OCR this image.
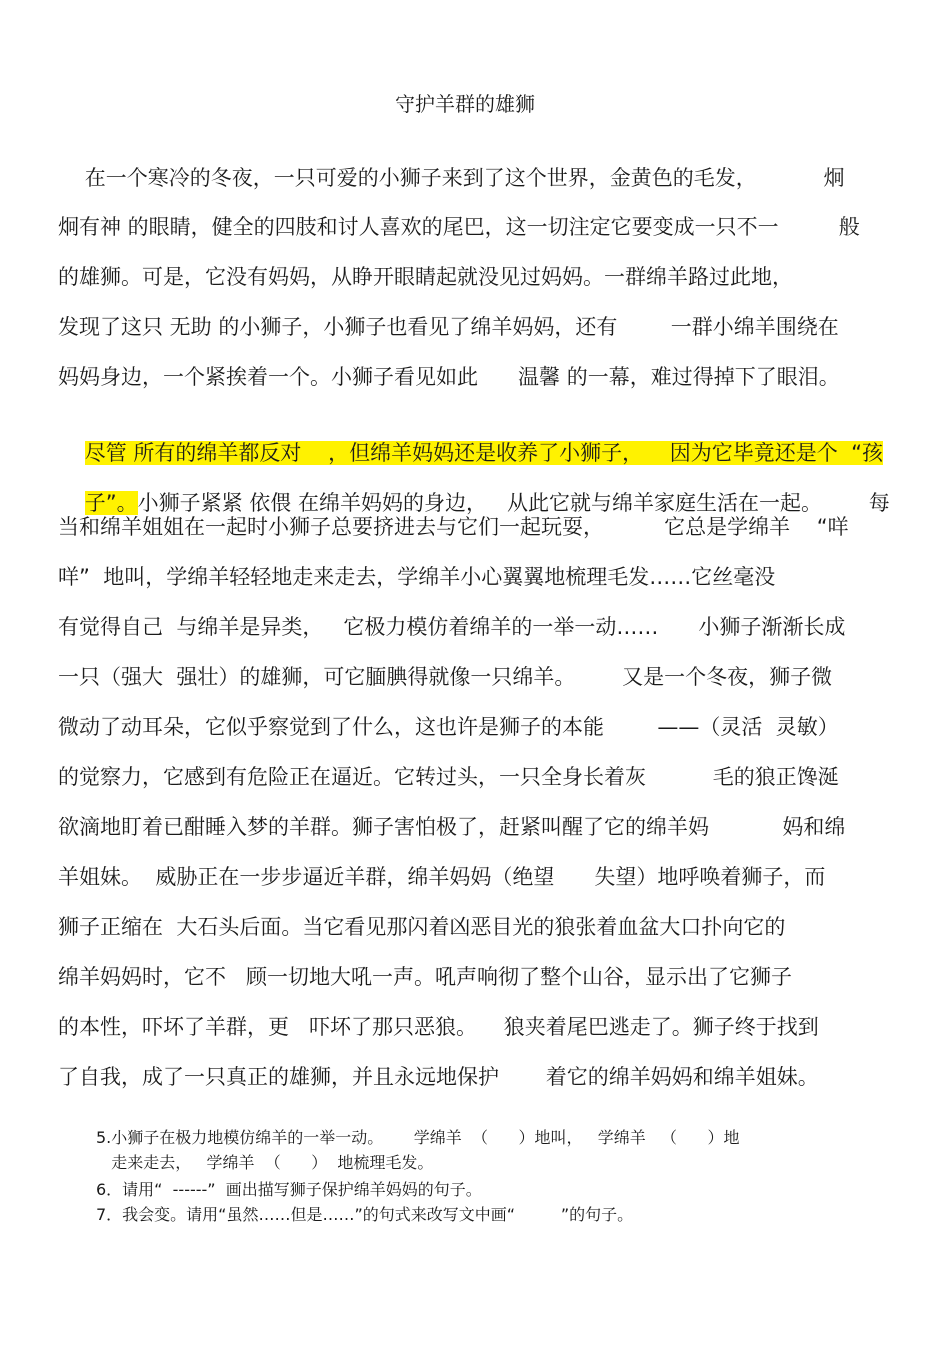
守护羊群的雄狮
在一个寒冷的冬夜，一只可爱的小狮子来到了这个世界，金黄色的毛发，          炯
炯有神 的眼睛，健全的四肢和讨人喜欢的尾巴，这一切注定它要变成一只不一         般
的雄狮。可是，它没有妈妈，从睁开眼睛起就没见过妈妈。一群绵羊路过此地，
发现了这只 无助 的小狮子，小狮子也看见了绵羊妈妈，还有        一群小绵羊围绕在
妈妈身边，一个紧挨着一个。小狮子看见如此      温馨 的一幕，难过得掉下了眼泪。

尽管 所有的绵羊都反对    ，但绵羊妈妈还是收养了小狮子，    因为它毕竟还是个  “孩

子”。小狮子紧紧 依偎 在绵羊妈妈的身边，   从此它就与绵羊家庭生活在一起。       每

当和绵羊姐姐在一起时小狮子总要挤进去与它们一起玩耍，         它总是学绵羊    “咩
咩”  地叫，学绵羊轻轻地走来走去，学绵羊小心翼翼地梳理毛发……它丝毫没
有觉得自己  与绵羊是异类，   它极力模仿着绵羊的一举一动……      小狮子渐渐长成
一只（强大  强壮）的雄狮，可它腼腆得就像一只绵羊。       又是一个冬夜，狮子微
微动了动耳朵，它似乎察觉到了什么，这也许是狮子的本能        ——（灵活  灵敏）
的觉察力，它感到有危险正在逼近。它转过头，一只全身长着灰          毛的狼正馋涎
欲滴地盯着已酣睡入梦的羊群。狮子害怕极了，赶紧叫醒了它的绵羊妈           妈和绵
羊姐妹。  威胁正在一步步逼近羊群，绵羊妈妈（绝望      失望）地呼唤着狮子，而
狮子正缩在  大石头后面。当它看见那闪着凶恶目光的狼张着血盆大口扑向它的
绵羊妈妈时，它不   顾一切地大吼一声。吼声响彻了整个山谷，显示出了它狮子
的本性，吓坏了羊群，更   吓坏了那只恶狼。    狼夹着尾巴逃走了。狮子终于找到
了自我，成了一只真正的雄狮，并且永远地保护       着它的绵羊妈妈和绵羊姐妹。
5.小狮子在极力地模仿绵羊的一举一动。      学绵羊  （      ）地叫，   学绵羊   （      ）地
走来走去，   学绵羊  （      ）  地梳理毛发。
6．请用“  ------”  画出描写狮子保护绵羊妈妈的句子。
7．我会变。请用“虽然……但是……”的句式来改写文中画“         ”的句子。
